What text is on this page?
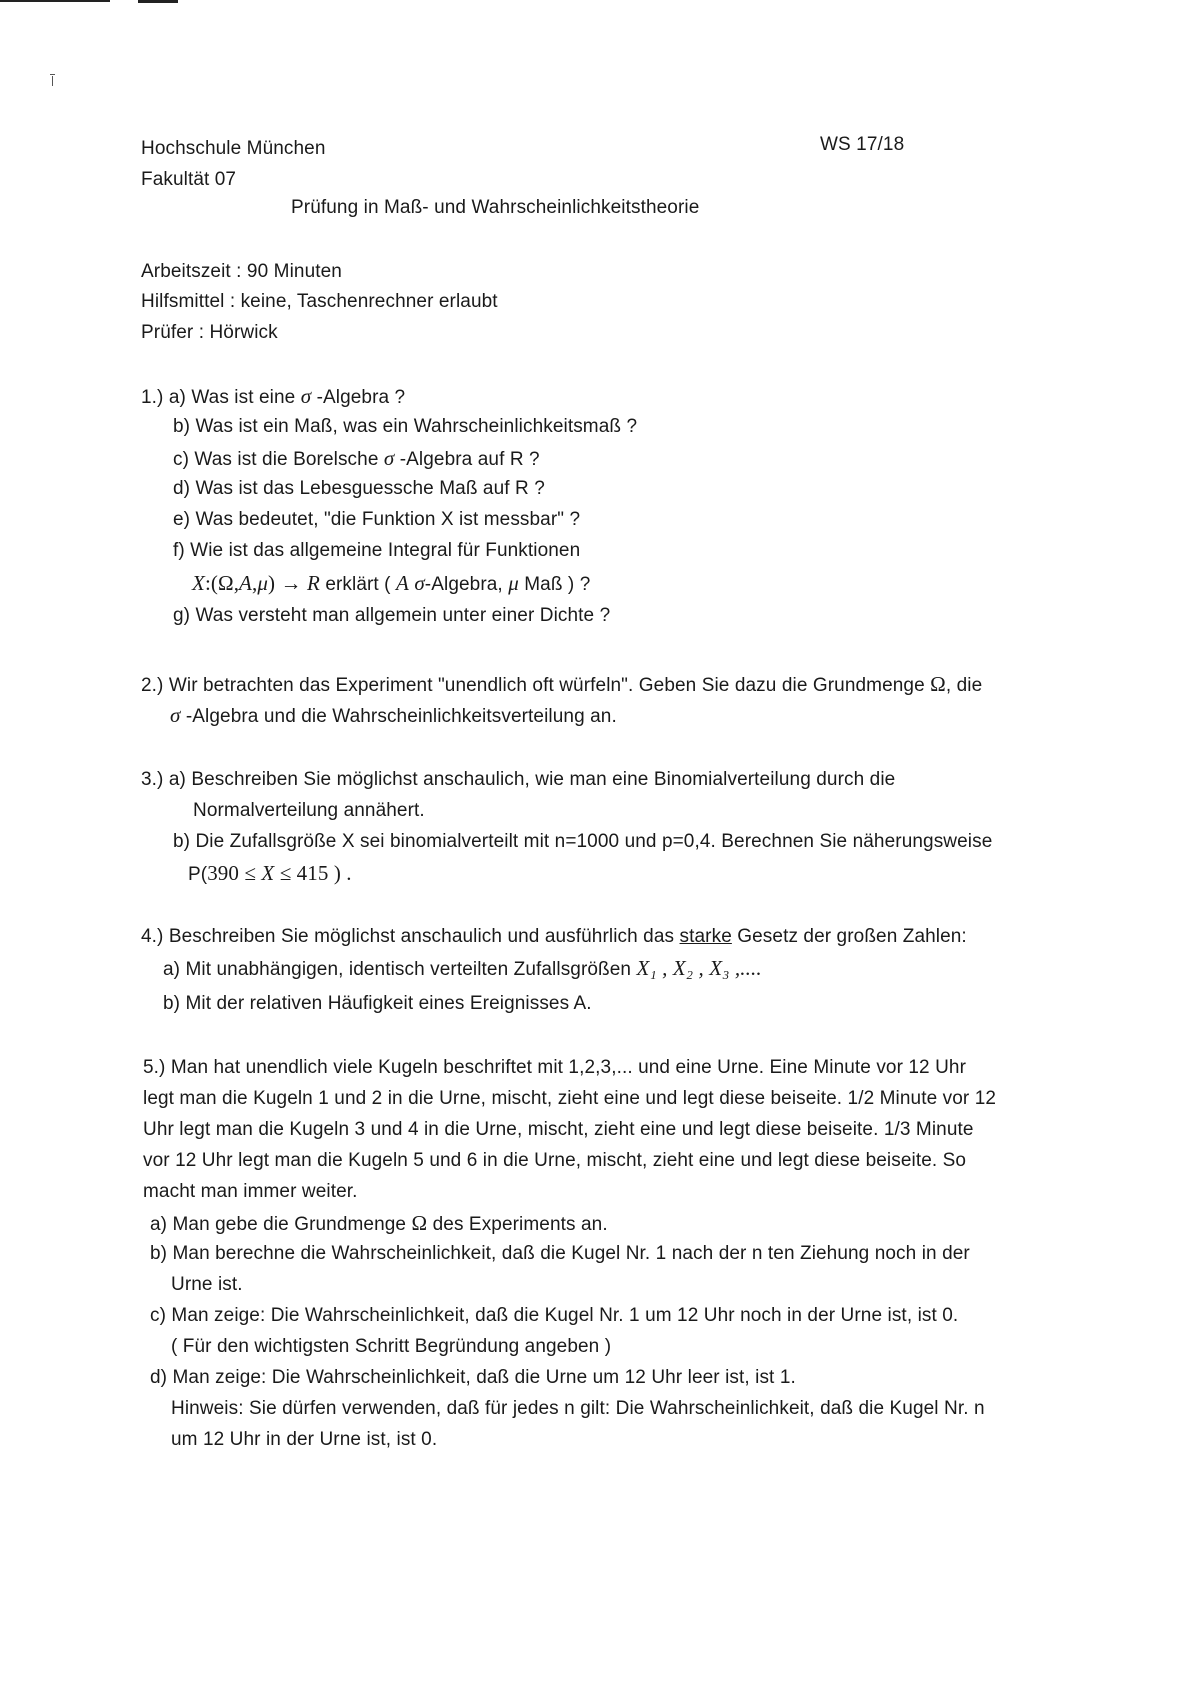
Hochschule München
Fakultät 07
WS 17/18
Prüfung in Maß- und Wahrscheinlichkeitstheorie
Arbeitszeit : 90 Minuten
Hilfsmittel : keine, Taschenrechner erlaubt
Prüfer : Hörwick
1.) a) Was ist eine σ -Algebra ?
b) Was ist ein Maß, was ein Wahrscheinlichkeitsmaß ?
c) Was ist die Borelsche σ -Algebra auf R ?
d) Was ist das Lebesguessche Maß auf R ?
e) Was bedeutet, "die Funktion X ist messbar" ?
f) Wie ist das allgemeine Integral für Funktionen
X:(Ω,A,μ) → R erklärt ( A σ-Algebra, μ Maß ) ?
g) Was versteht man allgemein unter einer Dichte ?
2.) Wir betrachten das Experiment "unendlich oft würfeln". Geben Sie dazu die Grundmenge Ω, die
σ -Algebra und die Wahrscheinlichkeitsverteilung an.
3.) a) Beschreiben Sie möglichst anschaulich, wie man eine Binomialverteilung durch die
Normalverteilung annähert.
b) Die Zufallsgröße X sei binomialverteilt mit n=1000 und p=0,4. Berechnen Sie näherungsweise
P(390 ≤ X ≤ 415 ) .
4.) Beschreiben Sie möglichst anschaulich und ausführlich das starke Gesetz der großen Zahlen:
a) Mit unabhängigen, identisch verteilten Zufallsgrößen X₁ , X₂ , X₃ ,....
b) Mit der relativen Häufigkeit eines Ereignisses A.
5.) Man hat unendlich viele Kugeln beschriftet mit 1,2,3,... und eine Urne. Eine Minute vor 12 Uhr
legt man die Kugeln 1 und 2 in die Urne, mischt, zieht eine und legt diese beiseite. 1/2 Minute vor 12
Uhr legt man die Kugeln 3 und 4 in die Urne, mischt, zieht eine und legt diese beiseite. 1/3 Minute
vor 12 Uhr legt man die Kugeln 5 und 6 in die Urne, mischt, zieht eine und legt diese beiseite. So
macht man immer weiter.
a) Man gebe die Grundmenge Ω des Experiments an.
b) Man berechne die Wahrscheinlichkeit, daß die Kugel Nr. 1 nach der n ten Ziehung noch in der
Urne ist.
c) Man zeige: Die Wahrscheinlichkeit, daß die Kugel Nr. 1 um 12 Uhr noch in der Urne ist, ist 0.
( Für den wichtigsten Schritt Begründung angeben )
d) Man zeige: Die Wahrscheinlichkeit, daß die Urne um 12 Uhr leer ist, ist 1.
Hinweis: Sie dürfen verwenden, daß für jedes n gilt: Die Wahrscheinlichkeit, daß die Kugel Nr. n
um 12 Uhr in der Urne ist, ist 0.
